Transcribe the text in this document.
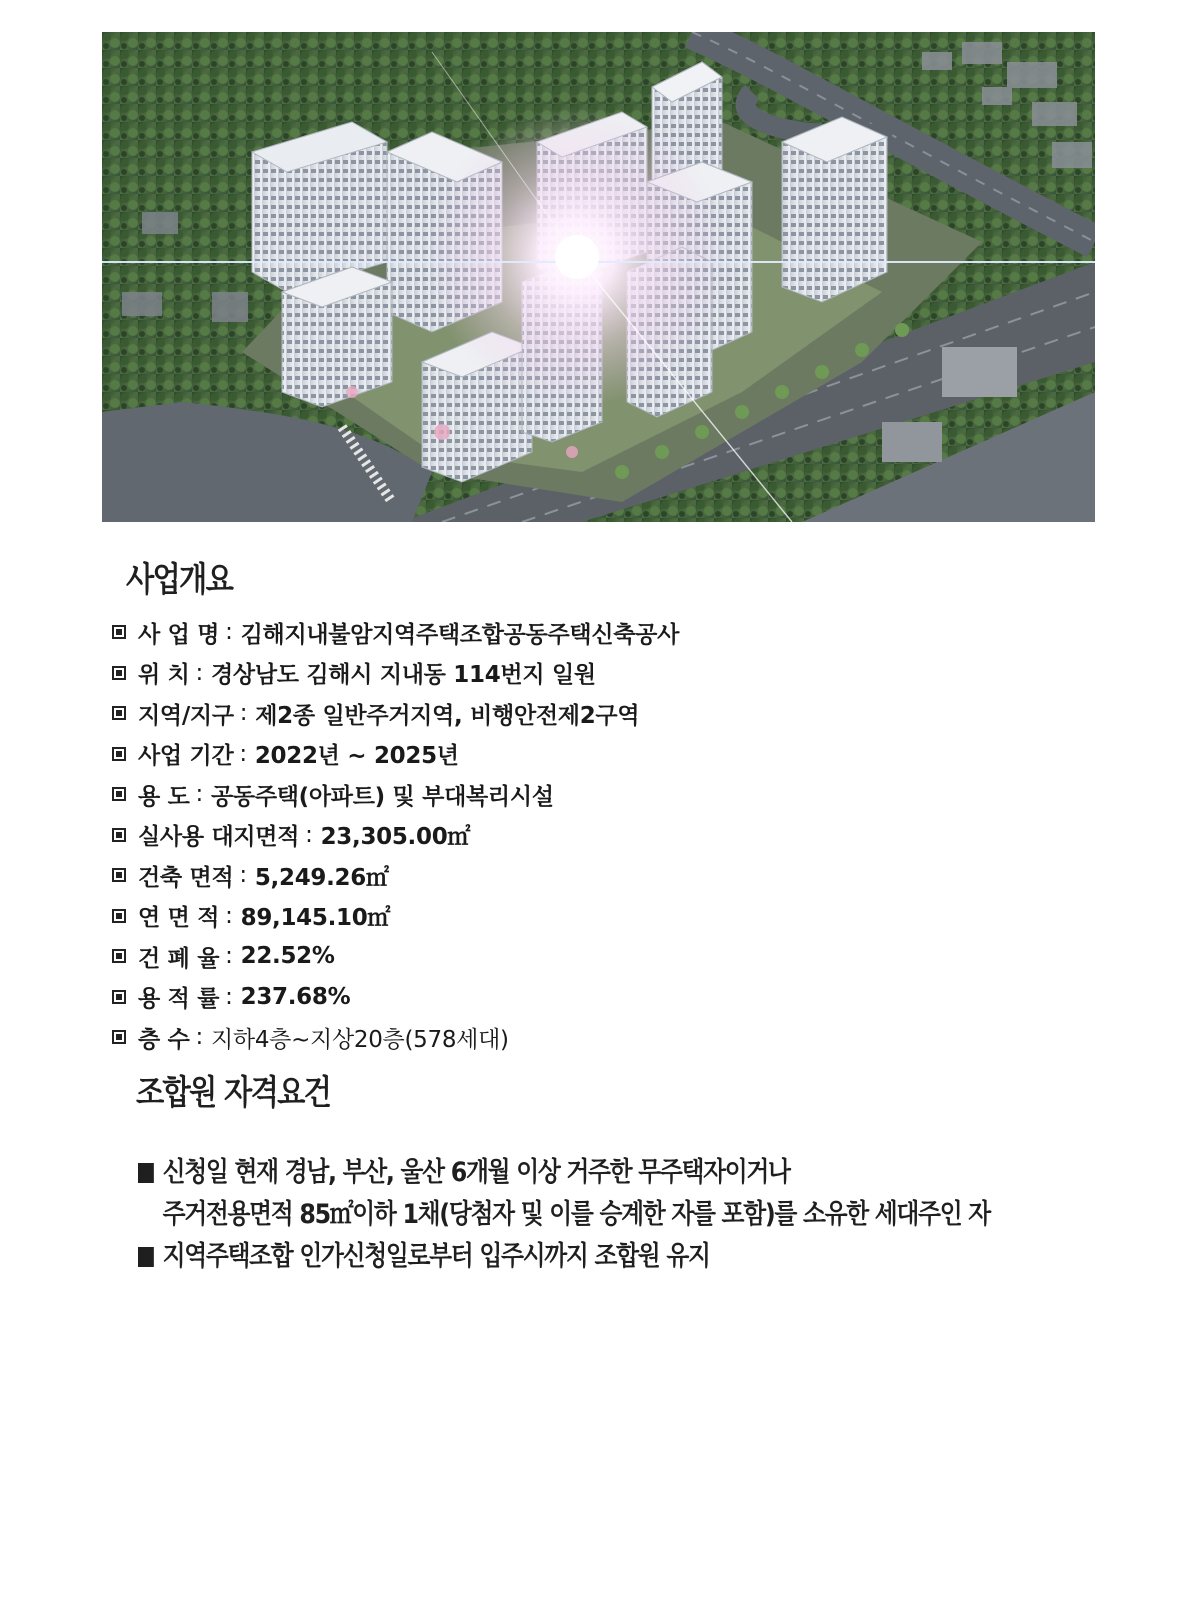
사업개요
사 업 명 : 김해지내불암지역주택조합공동주택신축공사
위 치 : 경상남도 김해시 지내동 114번지 일원
지역/지구 : 제2종 일반주거지역, 비행안전제2구역
사업 기간 : 2022년 ~ 2025년
용 도 : 공동주택(아파트) 및 부대복리시설
실사용 대지면적 : 23,305.00㎡
건축 면적 : 5,249.26㎡
연 면 적 : 89,145.10㎡
건 폐 율 : 22.52%
용 적 률 : 237.68%
층 수 : 지하4층~지상20층(578세대)
조합원 자격요건
신청일 현재 경남, 부산, 울산 6개월 이상 거주한 무주택자이거나
주거전용면적 85㎡이하 1채(당첨자 및 이를 승계한 자를 포함)를 소유한 세대주인 자
지역주택조합 인가신청일로부터 입주시까지 조합원 유지
